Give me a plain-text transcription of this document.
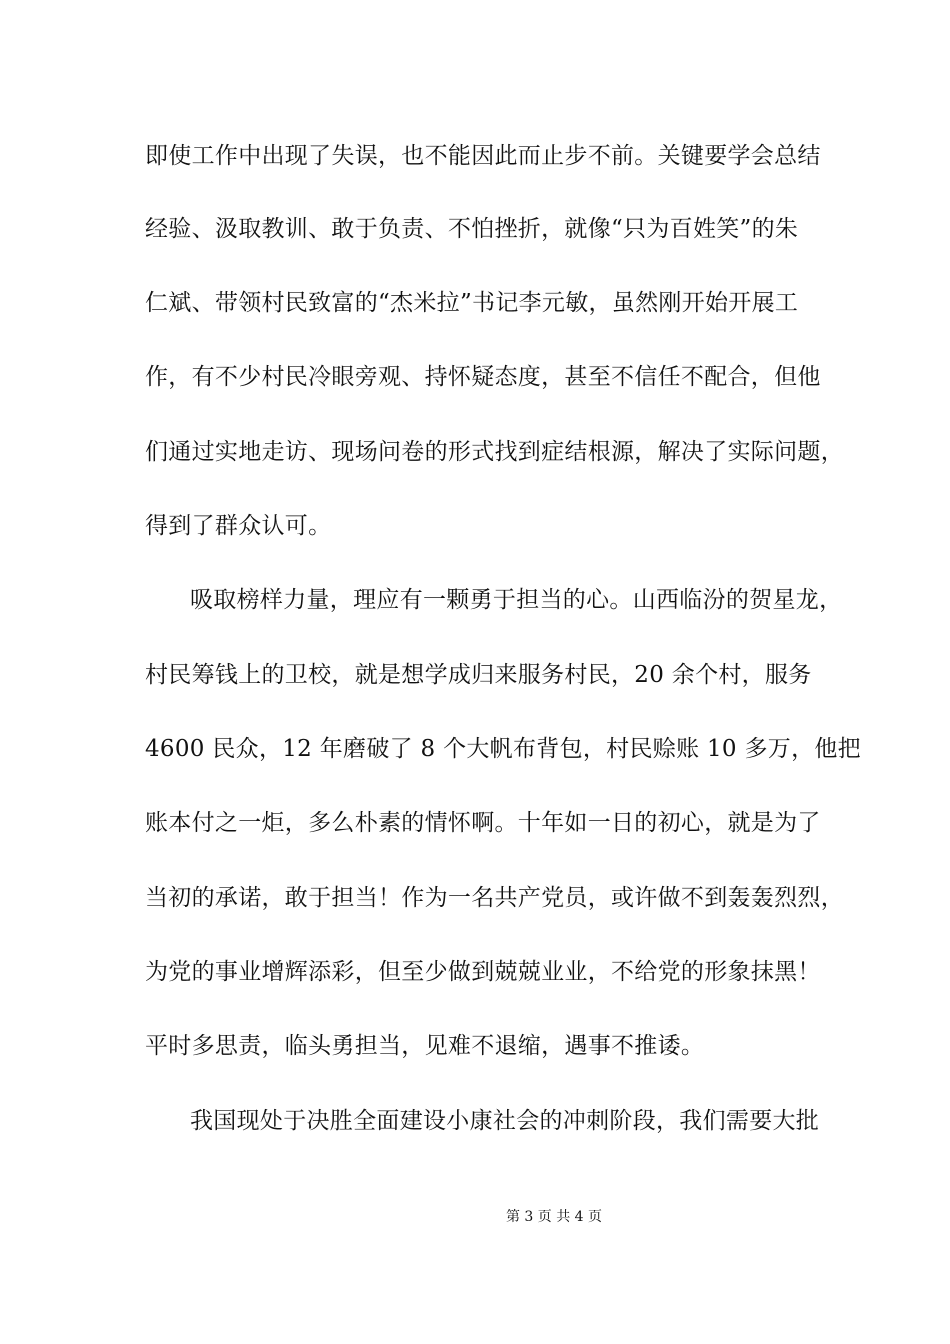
即使工作中出现了失误，也不能因此而止步不前。关键要学会总结
经验、汲取教训、敢于负责、不怕挫折，就像“只为百姓笑”的朱
仁斌、带领村民致富的“杰米拉”书记李元敏，虽然刚开始开展工
作，有不少村民冷眼旁观、持怀疑态度，甚至不信任不配合，但他
们通过实地走访、现场问卷的形式找到症结根源，解决了实际问题，
得到了群众认可。
吸取榜样力量，理应有一颗勇于担当的心。山西临汾的贺星龙，
村民筹钱上的卫校，就是想学成归来服务村民，20 余个村，服务
4600 民众，12 年磨破了 8 个大帆布背包，村民赊账 10 多万，他把
账本付之一炬，多么朴素的情怀啊。十年如一日的初心，就是为了
当初的承诺，敢于担当！作为一名共产党员，或许做不到轰轰烈烈，
为党的事业增辉添彩，但至少做到兢兢业业，不给党的形象抹黑！
平时多思责，临头勇担当，见难不退缩，遇事不推诿。
我国现处于决胜全面建设小康社会的冲刺阶段，我们需要大批
第 3 页 共 4 页
